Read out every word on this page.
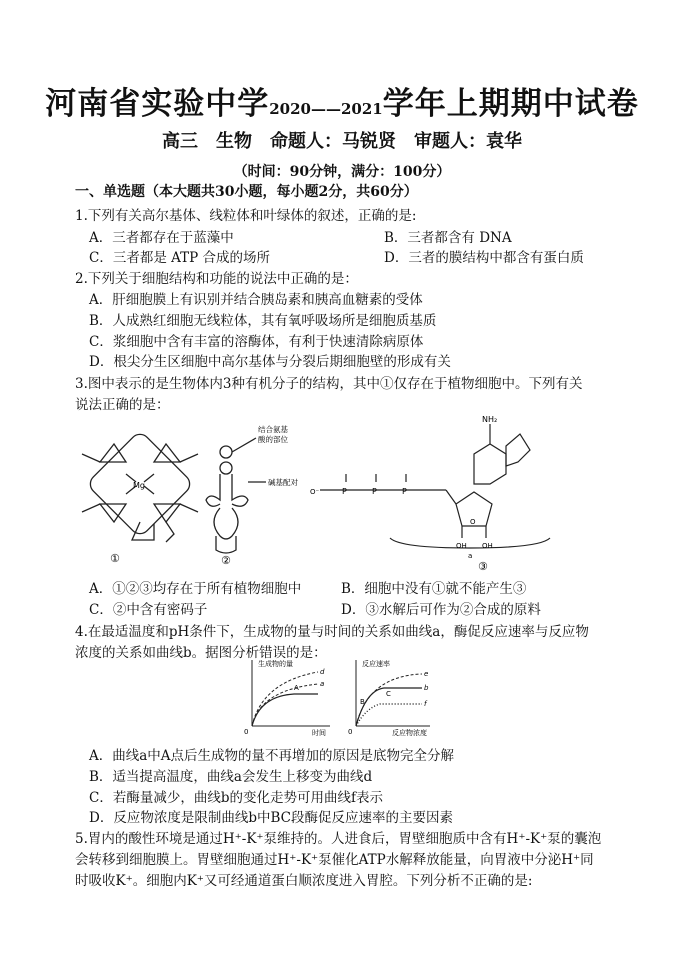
河南省实验中学2020——2021学年上期期中试卷
高三　生物　命题人：马锐贤　审题人：袁华
（时间：90分钟，满分：100分）
一、单选题（本大题共30小题，每小题2分，共60分）
1.下列有关高尔基体、线粒体和叶绿体的叙述，正确的是:
A．三者都存在于蓝藻中	B．三者都含有 DNA
C．三者都是 ATP 合成的场所	D．三者的膜结构中都含有蛋白质
2.下列关于细胞结构和功能的说法中正确的是：
A．肝细胞膜上有识别并结合胰岛素和胰高血糖素的受体
B．人成熟红细胞无线粒体，其有氧呼吸场所是细胞质基质
C．浆细胞中含有丰富的溶酶体，有利于快速清除病原体
D．根尖分生区细胞中高尔基体与分裂后期细胞壁的形成有关
3.图中表示的是生物体内3种有机分子的结构，其中①仅存在于植物细胞中。下列有关
说法正确的是：
Mg
①
结合氨基
酸的部位
碱基配对
②
NH₂
O⁻	P	P	P
O
OH OH
a
③
A．①②③均存在于所有植物细胞中	B．细胞中没有①就不能产生③
C．②中含有密码子	D．③水解后可作为②合成的原料
4.在最适温度和pH条件下，生成物的量与时间的关系如曲线a，酶促反应速率与反应物
浓度的关系如曲线b。据图分析错误的是：
生成物的量
时间
0
d
a
A
反应速率
反应物浓度
0
e
b
C
B	f
A．曲线a中A点后生成物的量不再增加的原因是底物完全分解
B．适当提高温度，曲线a会发生上移变为曲线d
C．若酶量减少，曲线b的变化走势可用曲线f表示
D．反应物浓度是限制曲线b中BC段酶促反应速率的主要因素
5.胃内的酸性环境是通过H⁺-K⁺泵维持的。人进食后，胃壁细胞质中含有H⁺-K⁺泵的囊泡
会转移到细胞膜上。胃壁细胞通过H⁺-K⁺泵催化ATP水解释放能量，向胃液中分泌H⁺同
时吸收K⁺。细胞内K⁺又可经通道蛋白顺浓度进入胃腔。下列分析不正确的是:
